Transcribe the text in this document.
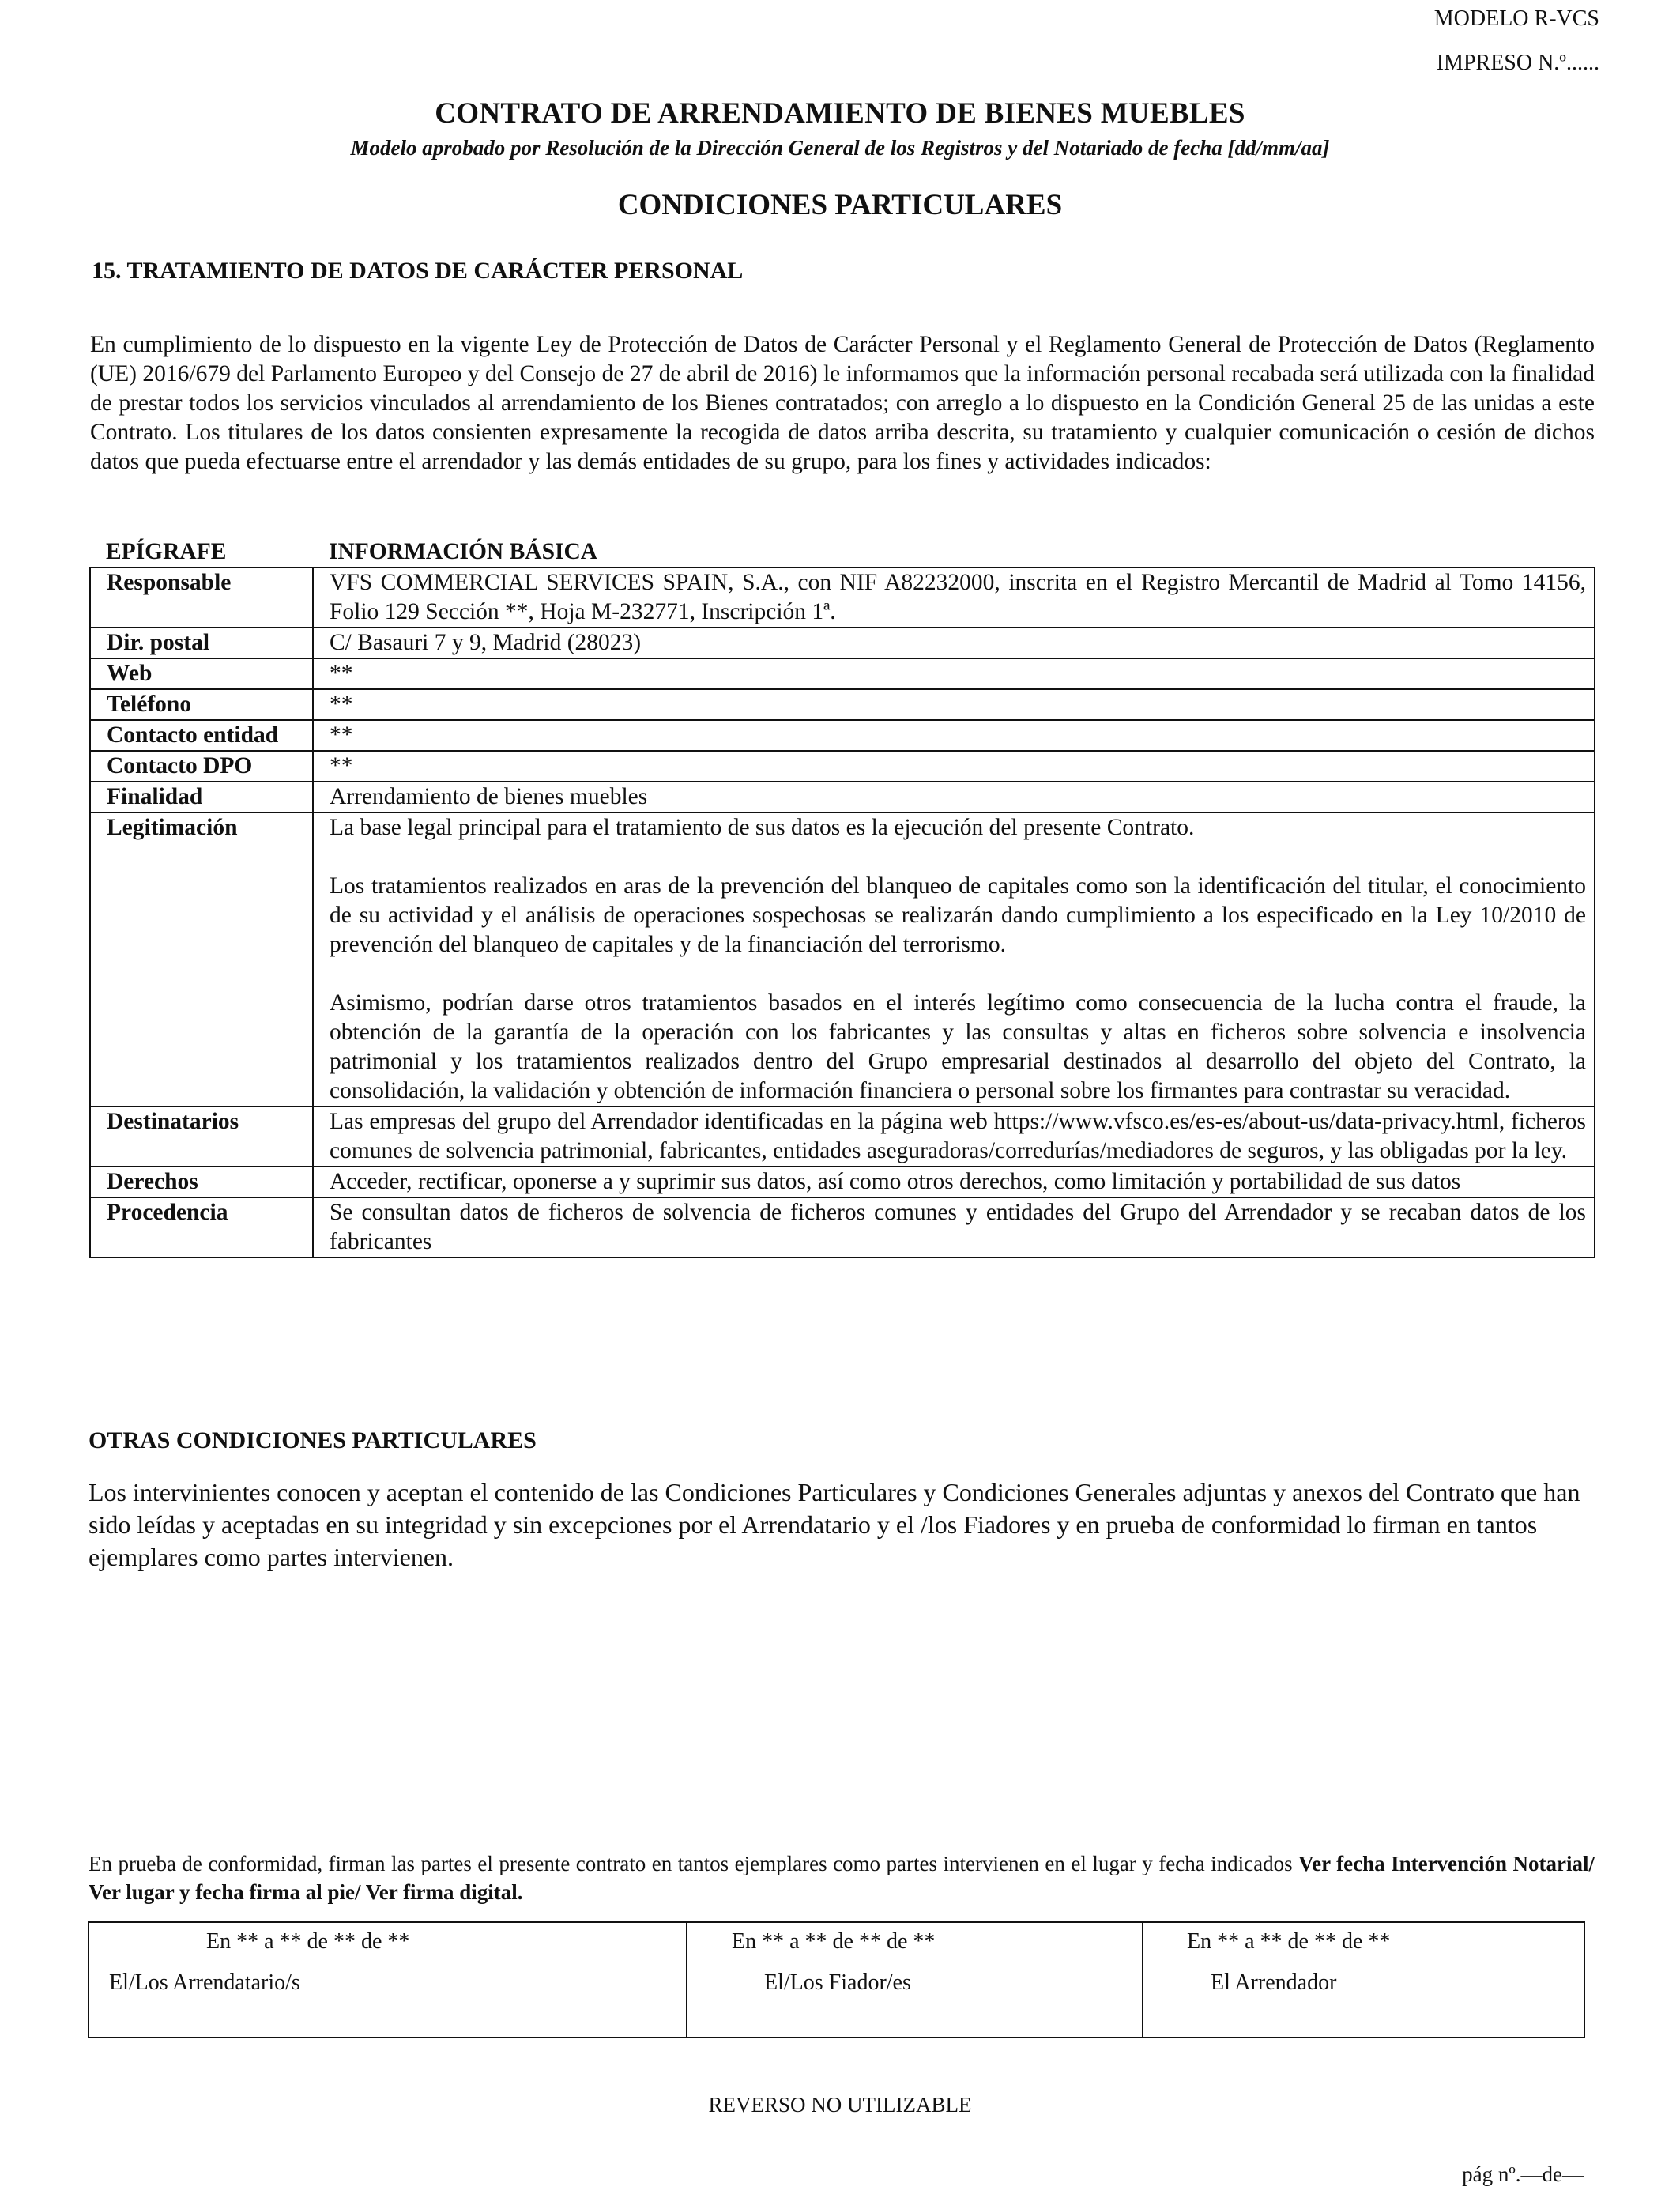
MODELO R-VCS
IMPRESO N.º......
CONTRATO DE ARRENDAMIENTO DE BIENES MUEBLES
Modelo aprobado por Resolución de la Dirección General de los Registros y del Notariado de fecha [dd/mm/aa]
CONDICIONES PARTICULARES
15. TRATAMIENTO DE DATOS DE CARÁCTER PERSONAL
En cumplimiento de lo dispuesto en la vigente Ley de Protección de Datos de Carácter Personal y el Reglamento General de Protección de Datos (Reglamento (UE) 2016/679 del Parlamento Europeo y del Consejo de 27 de abril de 2016) le informamos que la información personal recabada será utilizada con la finalidad de prestar todos los servicios vinculados al arrendamiento de los Bienes contratados; con arreglo a lo dispuesto en la Condición General 25 de las unidas a este Contrato. Los titulares de los datos consienten expresamente la recogida de datos arriba descrita, su tratamiento y cualquier comunicación o cesión de dichos datos que pueda efectuarse entre el arrendador y las demás entidades de su grupo, para los fines y actividades indicados:
EPÍGRAFE	INFORMACIÓN BÁSICA
Responsable	VFS COMMERCIAL SERVICES SPAIN, S.A., con NIF A82232000, inscrita en el Registro Mercantil de Madrid al Tomo 14156, Folio 129 Sección **, Hoja M-232771, Inscripción 1ª.
Dir. postal	C/ Basauri 7 y 9, Madrid (28023)
Web	**
Teléfono	**
Contacto entidad	**
Contacto DPO	**
Finalidad	Arrendamiento de bienes muebles
Legitimación	La base legal principal para el tratamiento de sus datos es la ejecución del presente Contrato.

Los tratamientos realizados en aras de la prevención del blanqueo de capitales como son la identificación del titular, el conocimiento de su actividad y el análisis de operaciones sospechosas se realizarán dando cumplimiento a los especificado en la Ley 10/2010 de prevención del blanqueo de capitales y de la financiación del terrorismo.

Asimismo, podrían darse otros tratamientos basados en el interés legítimo como consecuencia de la lucha contra el fraude, la obtención de la garantía de la operación con los fabricantes y las consultas y altas en ficheros sobre solvencia e insolvencia patrimonial y los tratamientos realizados dentro del Grupo empresarial destinados al desarrollo del objeto del Contrato, la consolidación, la validación y obtención de información financiera o personal sobre los firmantes para contrastar su veracidad.

Destinatarios	Las empresas del grupo del Arrendador identificadas en la página web https://www.vfsco.es/es-es/about-us/data-privacy.html, ficheros comunes de solvencia patrimonial, fabricantes, entidades aseguradoras/corredurías/mediadores de seguros, y las obligadas por la ley.
Derechos	Acceder, rectificar, oponerse a y suprimir sus datos, así como otros derechos, como limitación y portabilidad de sus datos
Procedencia	Se consultan datos de ficheros de solvencia de ficheros comunes y entidades del Grupo del Arrendador y se recaban datos de los fabricantes
OTRAS CONDICIONES PARTICULARES
Los intervinientes conocen y aceptan el contenido de las Condiciones Particulares y Condiciones Generales adjuntas y anexos del Contrato que han sido leídas y aceptadas en su integridad y sin excepciones por el Arrendatario y el /los Fiadores y en prueba de conformidad lo firman en tantos ejemplares como partes intervienen.
En prueba de conformidad, firman las partes el presente contrato en tantos ejemplares como partes intervienen en el lugar y fecha indicados Ver fecha Intervención Notarial/ Ver lugar y fecha firma al pie/ Ver firma digital.
En ** a ** de ** de **
El/Los Arrendatario/s

En ** a ** de ** de **
El/Los Fiador/es

En ** a ** de ** de **
El Arrendador
REVERSO NO UTILIZABLE
pág nº.—de—
